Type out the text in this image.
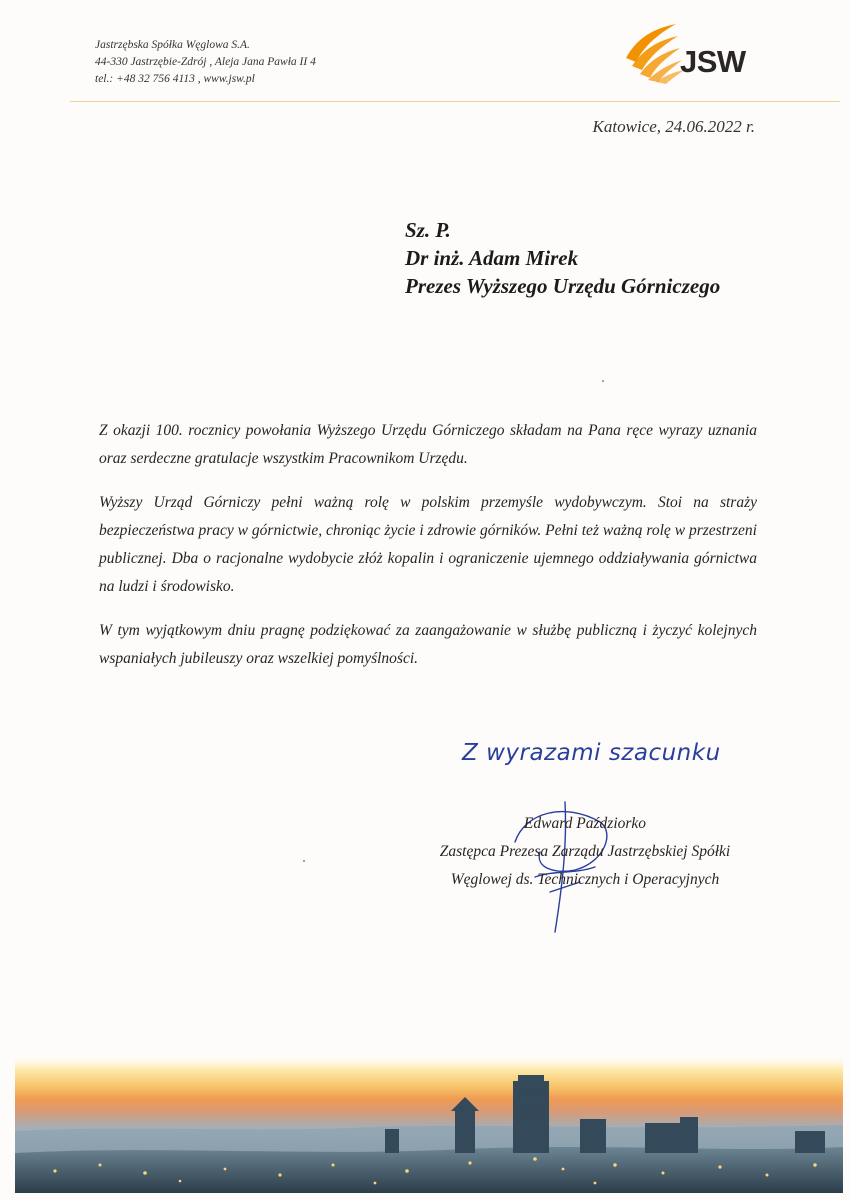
Jastrzębska Spółka Węglowa S.A.
44-330 Jastrzębie-Zdrój , Aleja Jana Pawła II 4
tel.: +48 32 756 4113 , www.jsw.pl	JSW
Katowice, 24.06.2022 r.
Sz. P.
Dr inż. Adam Mirek
Prezes Wyższego Urzędu Górniczego

Z okazji 100. rocznicy powołania Wyższego Urzędu Górniczego składam na Pana ręce wyrazy uznania oraz serdeczne gratulacje wszystkim Pracownikom Urzędu.

Wyższy Urząd Górniczy pełni ważną rolę w polskim przemyśle wydobywczym. Stoi na straży bezpieczeństwa pracy w górnictwie, chroniąc życie i zdrowie górników. Pełni też ważną rolę w przestrzeni publicznej. Dba o racjonalne wydobycie złóż kopalin i ograniczenie ujemnego oddziaływania górnictwa na ludzi i środowisko.

W tym wyjątkowym dniu pragnę podziękować za zaangażowanie w służbę publiczną i życzyć kolejnych wspaniałych jubileuszy oraz wszelkiej pomyślności.

Z wyrazami szacunku
Edward Paździorko
Zastępca Prezesa Zarządu Jastrzębskiej Spółki
Węglowej ds. Technicznych i Operacyjnych
